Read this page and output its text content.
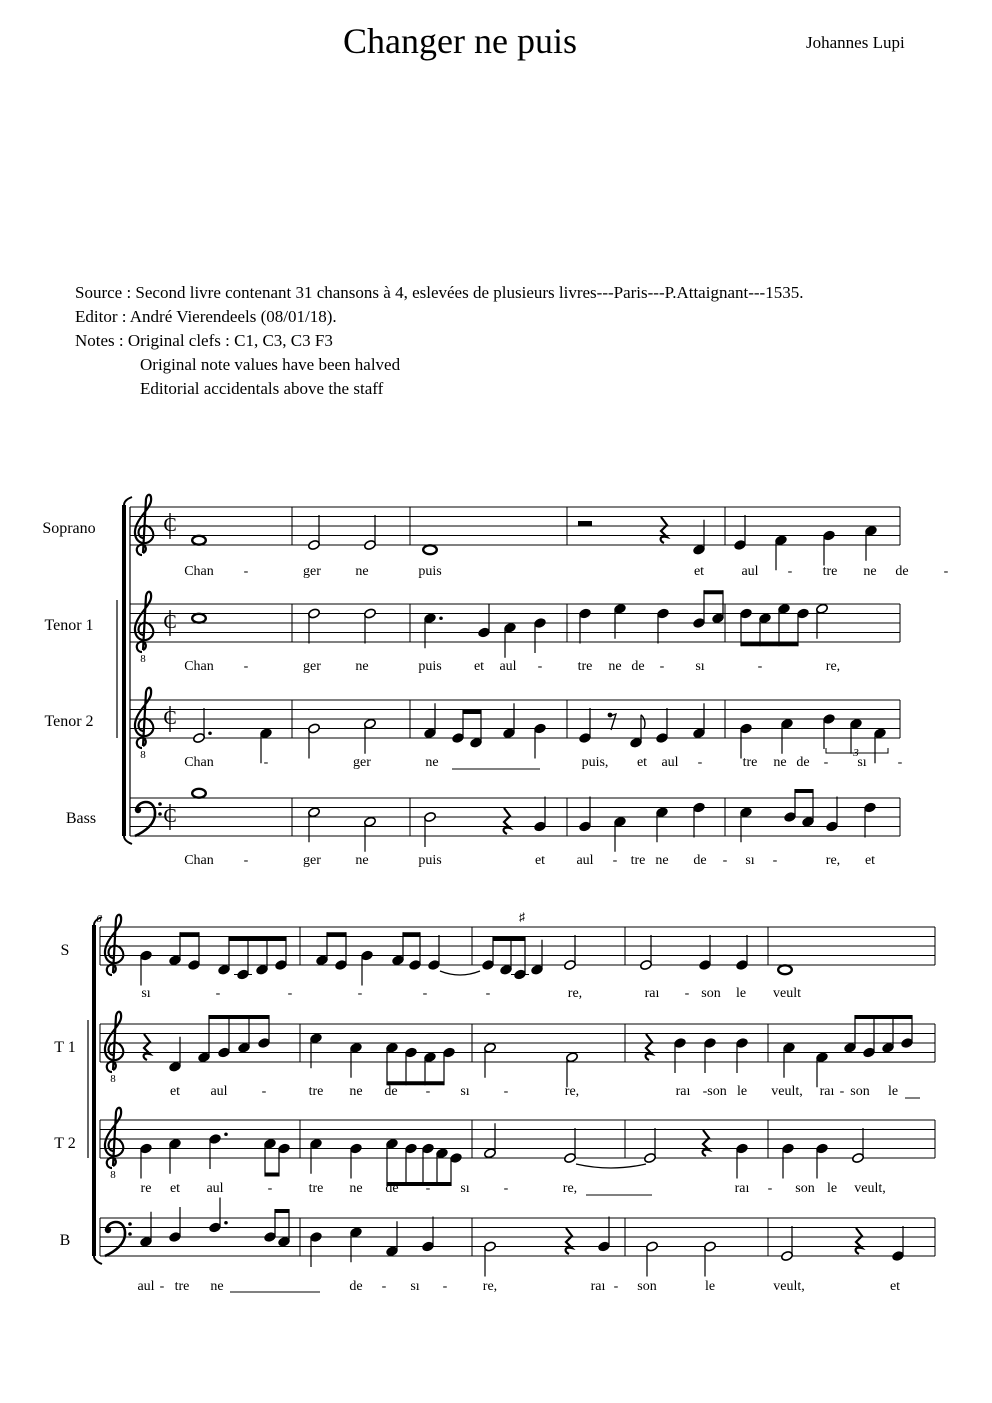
Changer ne puis	Johannes Lupi
Source : Second livre contenant 31 chansons à 4, eslevées de plusieurs livres---Paris---P.Attaignant---1535.
Editor : André Vierendeels (08/01/18).
Notes : Original clefs : C1, C3, C3 F3
Original note values have been halved
Editorial accidentals above the staff
Soprano	C
Chan -	ger ne	puis	et	aul - tre ne de	-
Tenor 1
8
C
Chan -	ger ne	puis et aul -	tre ne de - sı	-	re,
Tenor 2
8
C
3
Chan	-	ger	ne	puis, et aul -	tre ne de - sı -
Bass	C
Chan -	ger ne	puis	et aul - tre ne de - sı -	re, et
6
S
♯
sı	-	-	-	-	-	re,	raı - son le veult
T 1
8
et aul -	tre ne de - sı -	re,	raı - son le veult, raı - son le
T 2
8
re et aul	-	tre ne de - sı -	re,	raı - son le veult,
B
aul - tre ne	de - sı -	re,	raı - son	le	veult,	et
